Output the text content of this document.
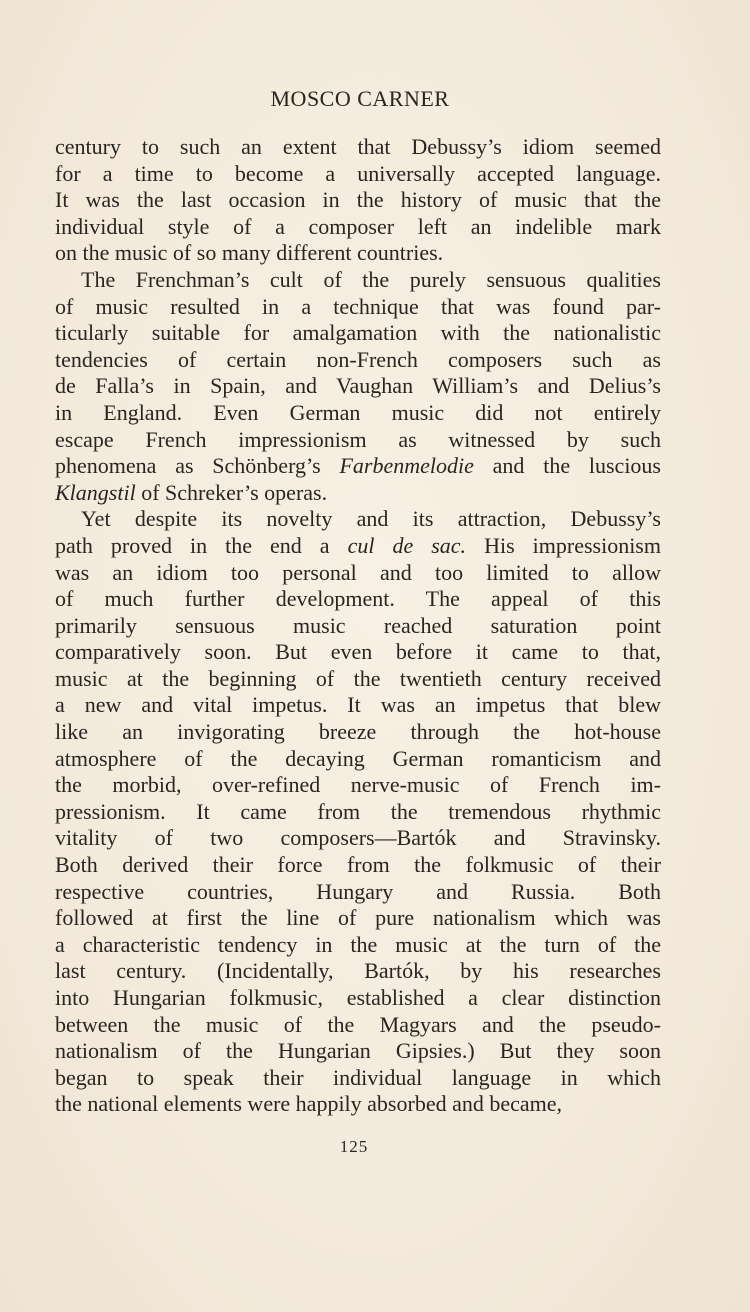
MOSCO CARNER
century to such an extent that Debussy’s idiom seemed
for a time to become a universally accepted language.
It was the last occasion in the history of music that the
individual style of a composer left an indelible mark
on the music of so many different countries.
The Frenchman’s cult of the purely sensuous qualities
of music resulted in a technique that was found par-
ticularly suitable for amalgamation with the nationalistic
tendencies of certain non-French composers such as
de Falla’s in Spain, and Vaughan William’s and Delius’s
in England. Even German music did not entirely
escape French impressionism as witnessed by such
phenomena as Schönberg’s Farbenmelodie and the luscious
Klangstil of Schreker’s operas.
Yet despite its novelty and its attraction, Debussy’s
path proved in the end a cul de sac. His impressionism
was an idiom too personal and too limited to allow
of much further development. The appeal of this
primarily sensuous music reached saturation point
comparatively soon. But even before it came to that,
music at the beginning of the twentieth century received
a new and vital impetus. It was an impetus that blew
like an invigorating breeze through the hot-house
atmosphere of the decaying German romanticism and
the morbid, over-refined nerve-music of French im-
pressionism. It came from the tremendous rhythmic
vitality of two composers—Bartók and Stravinsky.
Both derived their force from the folkmusic of their
respective countries, Hungary and Russia. Both
followed at first the line of pure nationalism which was
a characteristic tendency in the music at the turn of the
last century. (Incidentally, Bartók, by his researches
into Hungarian folkmusic, established a clear distinction
between the music of the Magyars and the pseudo-
nationalism of the Hungarian Gipsies.) But they soon
began to speak their individual language in which
the national elements were happily absorbed and became,
125
